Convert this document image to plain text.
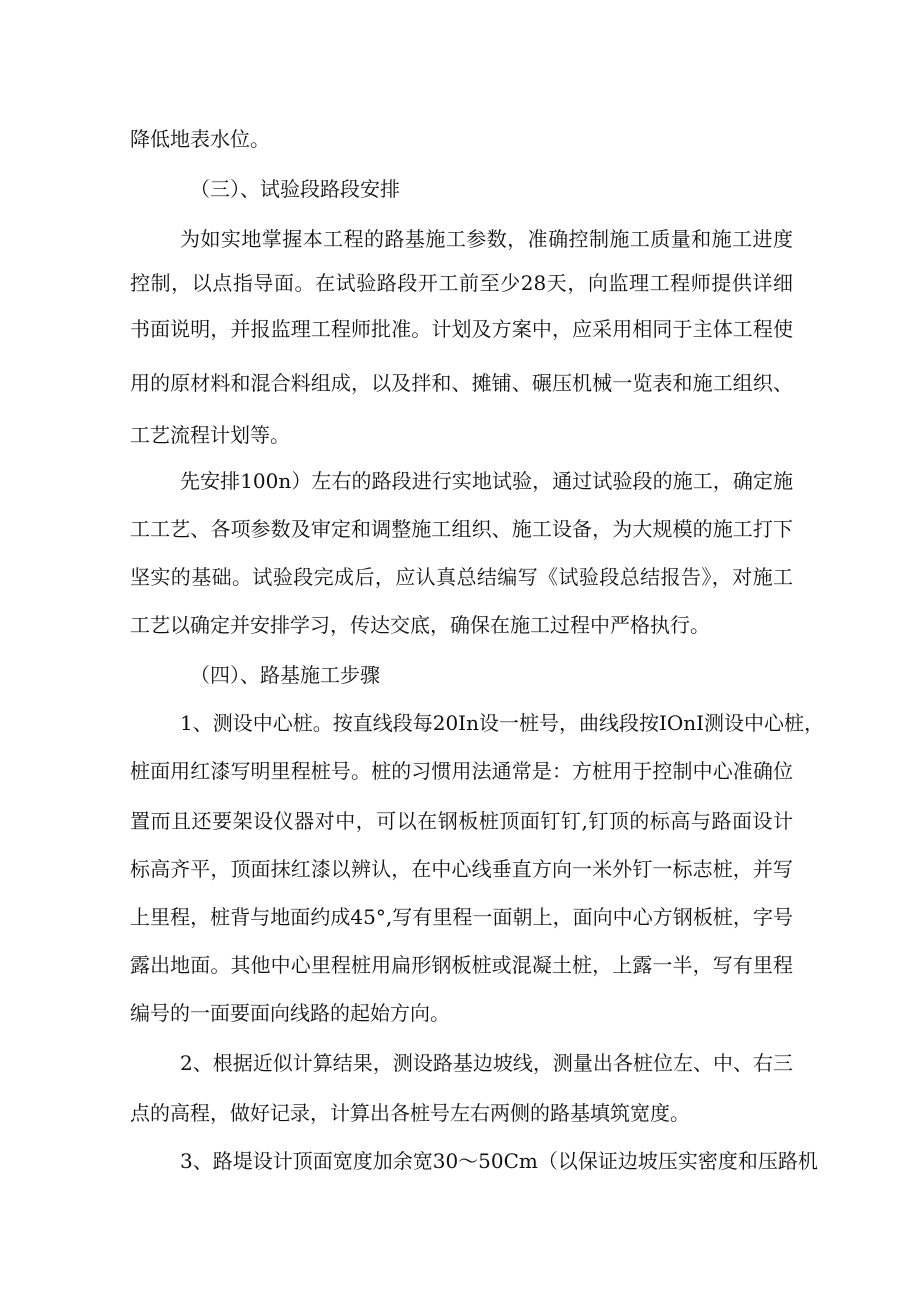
降低地表水位。
（三）、试验段路段安排
为如实地掌握本工程的路基施工参数，准确控制施工质量和施工进度
控制，以点指导面。在试验路段开工前至少28天，向监理工程师提供详细
书面说明，并报监理工程师批准。计划及方案中，应采用相同于主体工程使
用的原材料和混合料组成，以及拌和、摊铺、碾压机械一览表和施工组织、
工艺流程计划等。
先安排100n）左右的路段进行实地试验，通过试验段的施工，确定施
工工艺、各项参数及审定和调整施工组织、施工设备，为大规模的施工打下
坚实的基础。试验段完成后，应认真总结编写《试验段总结报告》，对施工
工艺以确定并安排学习，传达交底，确保在施工过程中严格执行。
（四）、路基施工步骤
1、测设中心桩。按直线段每20In设一桩号，曲线段按IOnI测设中心桩，
桩面用红漆写明里程桩号。桩的习惯用法通常是：方桩用于控制中心准确位
置而且还要架设仪器对中，可以在钢板桩顶面钉钉,钉顶的标高与路面设计
标高齐平，顶面抹红漆以辨认，在中心线垂直方向一米外钉一标志桩，并写
上里程，桩背与地面约成45°,写有里程一面朝上，面向中心方钢板桩，字号
露出地面。其他中心里程桩用扁形钢板桩或混凝土桩，上露一半，写有里程
编号的一面要面向线路的起始方向。
2、根据近似计算结果，测设路基边坡线，测量出各桩位左、中、右三
点的高程，做好记录，计算出各桩号左右两侧的路基填筑宽度。
3、路堤设计顶面宽度加余宽30～50Cm（以保证边坡压实密度和压路机
